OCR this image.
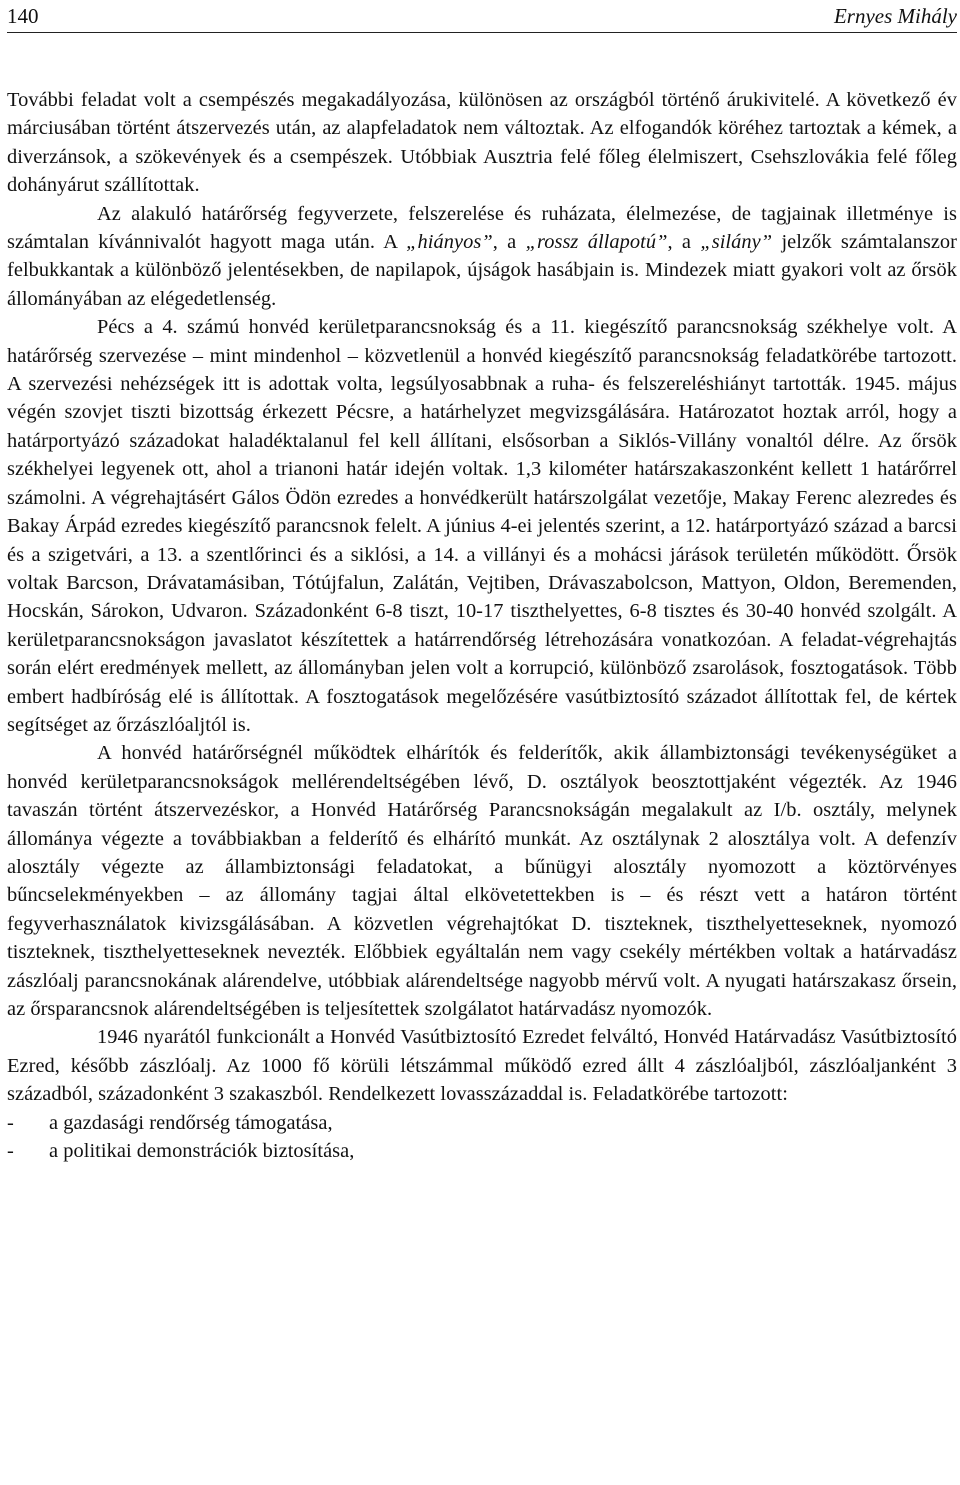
140	Ernyes Mihály

További feladat volt a csempészés megakadályozása, különösen az országból történő árukivitelé. A következő év márciusában történt átszervezés után, az alapfeladatok nem változtak. Az elfogandók köréhez tartoztak a kémek, a diverzánsok, a szökevények és a csempészek. Utóbbiak Ausztria felé főleg élelmiszert, Csehszlovákia felé főleg dohányárut szállítottak.

Az alakuló határőrség fegyverzete, felszerelése és ruházata, élelmezése, de tagjainak illetménye is számtalan kívánnivalót hagyott maga után. A „hiányos”, a „rossz állapotú”, a „silány” jelzők számtalanszor felbukkantak a különböző jelentésekben, de napilapok, újságok hasábjain is. Mindezek miatt gyakori volt az őrsök állományában az elégedetlenség.

Pécs a 4. számú honvéd kerületparancsnokság és a 11. kiegészítő parancsnokság székhelye volt. A határőrség szervezése – mint mindenhol – közvetlenül a honvéd kiegészítő parancsnokság feladatkörébe tartozott. A szervezési nehézségek itt is adottak volta, legsúlyosabbnak a ruha- és felszereléshiányt tartották. 1945. május végén szovjet tiszti bizottság érkezett Pécsre, a határhelyzet megvizsgálására. Határozatot hoztak arról, hogy a határportyázó századokat haladéktalanul fel kell állítani, elsősorban a Siklós-Villány vonaltól délre. Az őrsök székhelyei legyenek ott, ahol a trianoni határ idején voltak. 1,3 kilométer határszakaszonként kellett 1 határőrrel számolni. A végrehajtásért Gálos Ödön ezredes a honvédkerült határszolgálat vezetője, Makay Ferenc alezredes és Bakay Árpád ezredes kiegészítő parancsnok felelt. A június 4-ei jelentés szerint, a 12. határportyázó század a barcsi és a szigetvári, a 13. a szentlőrinci és a siklósi, a 14. a villányi és a mohácsi járások területén működött. Őrsök voltak Barcson, Drávatamásiban, Tótújfalun, Zalátán, Vejtiben, Drávaszabolcson, Mattyon, Oldon, Beremenden, Hocskán, Sárokon, Udvaron. Századonként 6-8 tiszt, 10-17 tiszthelyettes, 6-8 tisztes és 30-40 honvéd szolgált. A kerületparancsnokságon javaslatot készítettek a határrendőrség létrehozására vonatkozóan. A feladat-végrehajtás során elért eredmények mellett, az állományban jelen volt a korrupció, különböző zsarolások, fosztogatások. Több embert hadbíróság elé is állítottak. A fosztogatások megelőzésére vasútbiztosító századot állítottak fel, de kértek segítséget az őrzászlóaljtól is.

A honvéd határőrségnél működtek elhárítók és felderítők, akik állambiztonsági tevékenységüket a honvéd kerületparancsnokságok mellérendeltségében lévő, D. osztályok beosztottjaként végezték. Az 1946 tavaszán történt átszervezéskor, a Honvéd Határőrség Parancsnokságán megalakult az I/b. osztály, melynek állománya végezte a továbbiakban a felderítő és elhárító munkát. Az osztálynak 2 alosztálya volt. A defenzív alosztály végezte az állambiztonsági feladatokat, a bűnügyi alosztály nyomozott a köztörvényes bűncselekményekben – az állomány tagjai által elkövetettekben is – és részt vett a határon történt fegyverhasználatok kivizsgálásában. A közvetlen végrehajtókat D. tiszteknek, tiszthelyetteseknek, nyomozó tiszteknek, tiszthelyetteseknek nevezték. Előbbiek egyáltalán nem vagy csekély mértékben voltak a határvadász zászlóalj parancsnokának alárendelve, utóbbiak alárendeltsége nagyobb mérvű volt. A nyugati határszakasz őrsein, az őrsparancsnok alárendeltségében is teljesítettek szolgálatot határvadász nyomozók.

1946 nyarától funkcionált a Honvéd Vasútbiztosító Ezredet felváltó, Honvéd Határvadász Vasútbiztosító Ezred, később zászlóalj. Az 1000 fő körüli létszámmal működő ezred állt 4 zászlóaljból, zászlóaljanként 3 századból, századonként 3 szakaszból. Rendelkezett lovasszázaddal is. Feladatkörébe tartozott:

- a gazdasági rendőrség támogatása,
- a politikai demonstrációk biztosítása,
